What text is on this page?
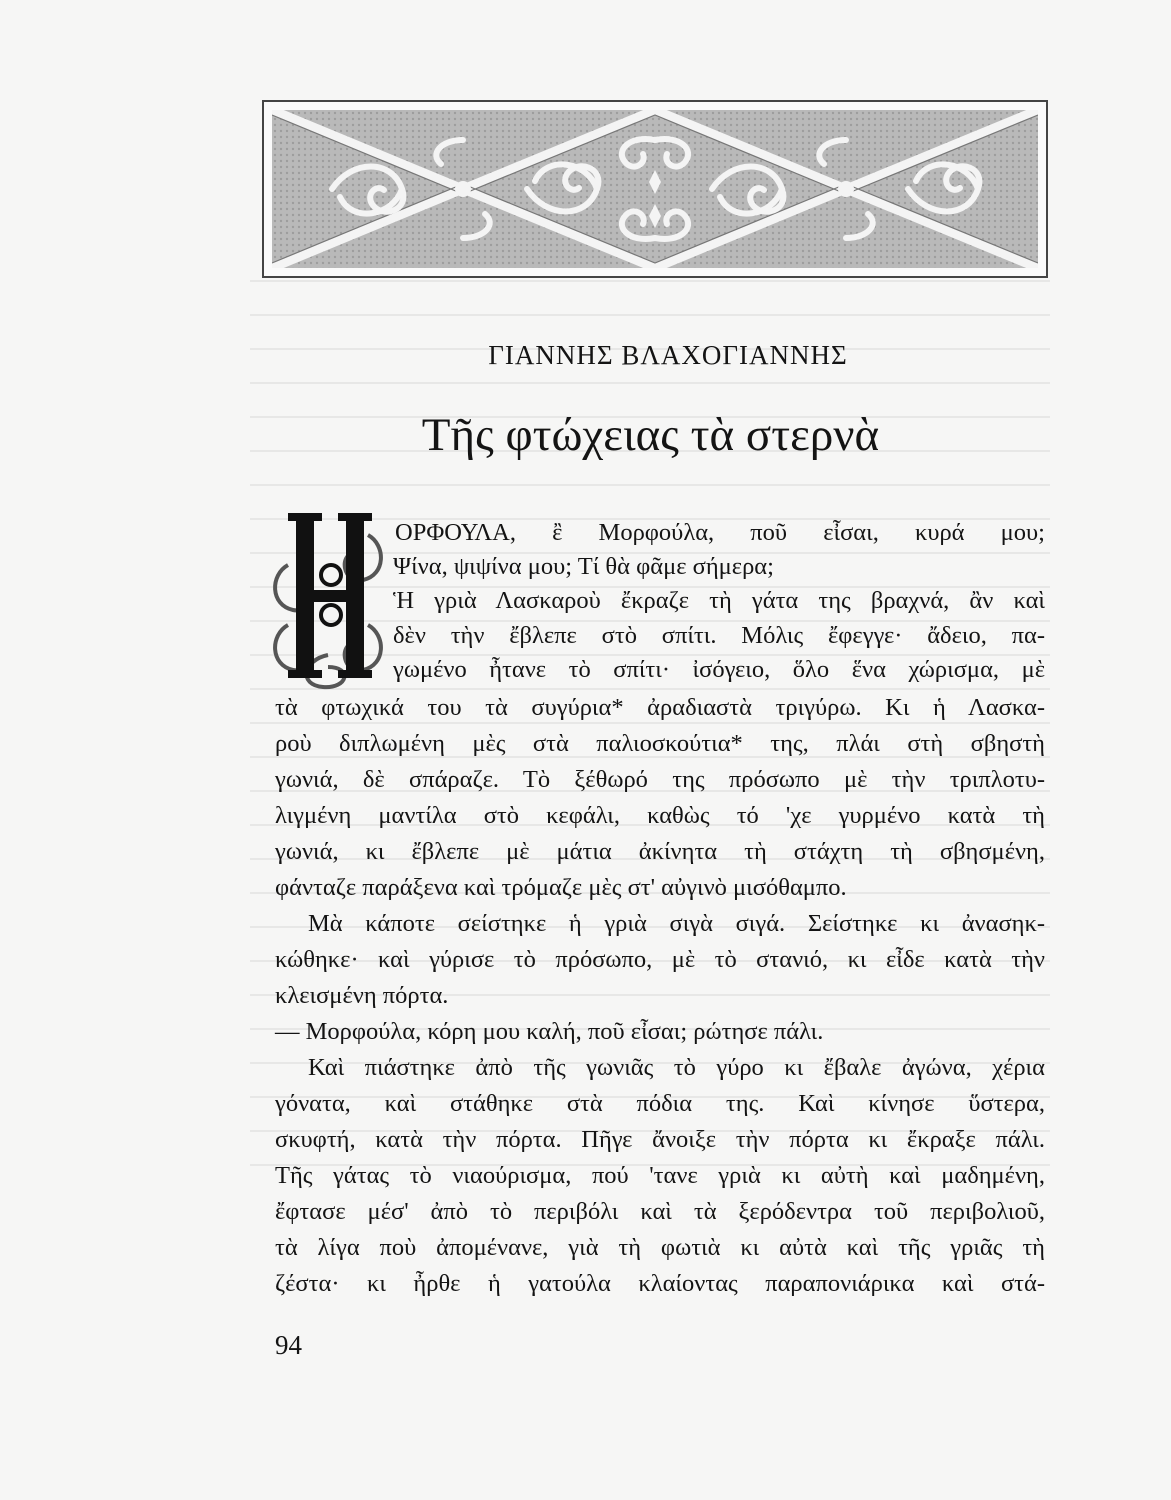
ΓΙΑΝΝΗΣ ΒΛΑΧΟΓΙΑΝΝΗΣ
Τῆς φτώχειας τὰ στερνὰ
ΟΡΦΟΥΛΑ, ἒ Μορφούλα, ποῦ εἶσαι, κυρά μου;
Ψίνα, ψιψίνα μου; Τί θὰ φᾶμε σήμερα;
Ἡ γριὰ Λασκαροὺ ἔκραζε τὴ γάτα της βραχνά, ἂν καὶ
δὲν τὴν ἔβλεπε στὸ σπίτι. Μόλις ἔφεγγε· ἄδειο, πα-
γωμένο ἦτανε τὸ σπίτι· ἰσόγειο, ὅλο ἕνα χώρισμα, μὲ
τὰ φτωχικά του τὰ συγύρια* ἀραδιαστὰ τριγύρω. Κι ἡ Λασκα-
ροὺ διπλωμένη μὲς στὰ παλιοσκούτια* της, πλάι στὴ σβηστὴ
γωνιά, δὲ σπάραζε. Τὸ ξέθωρό της πρόσωπο μὲ τὴν τριπλοτυ-
λιγμένη μαντίλα στὸ κεφάλι, καθὼς τό 'χε γυρμένο κατὰ τὴ
γωνιά, κι ἔβλεπε μὲ μάτια ἀκίνητα τὴ στάχτη τὴ σβησμένη,
φάνταζε παράξενα καὶ τρόμαζε μὲς στ' αὐγινὸ μισόθαμπο.
Μὰ κάποτε σείστηκε ἡ γριὰ σιγὰ σιγά. Σείστηκε κι ἀνασηκ-
κώθηκε· καὶ γύρισε τὸ πρόσωπο, μὲ τὸ στανιό, κι εἶδε κατὰ τὴν
κλεισμένη πόρτα.
— Μορφούλα, κόρη μου καλή, ποῦ εἶσαι; ρώτησε πάλι.
Καὶ πιάστηκε ἀπὸ τῆς γωνιᾶς τὸ γύρο κι ἔβαλε ἀγώνα, χέρια
γόνατα, καὶ στάθηκε στὰ πόδια της. Καὶ κίνησε ὕστερα,
σκυφτή, κατὰ τὴν πόρτα. Πῆγε ἄνοιξε τὴν πόρτα κι ἔκραξε πάλι.
Τῆς γάτας τὸ νιαούρισμα, πού 'τανε γριὰ κι αὐτὴ καὶ μαδημένη,
ἔφτασε μέσ' ἀπὸ τὸ περιβόλι καὶ τὰ ξερόδεντρα τοῦ περιβολιοῦ,
τὰ λίγα ποὺ ἀπομένανε, γιὰ τὴ φωτιὰ κι αὐτὰ καὶ τῆς γριᾶς τὴ
ζέστα· κι ἦρθε ἡ γατούλα κλαίοντας παραπονιάρικα καὶ στά-
94
